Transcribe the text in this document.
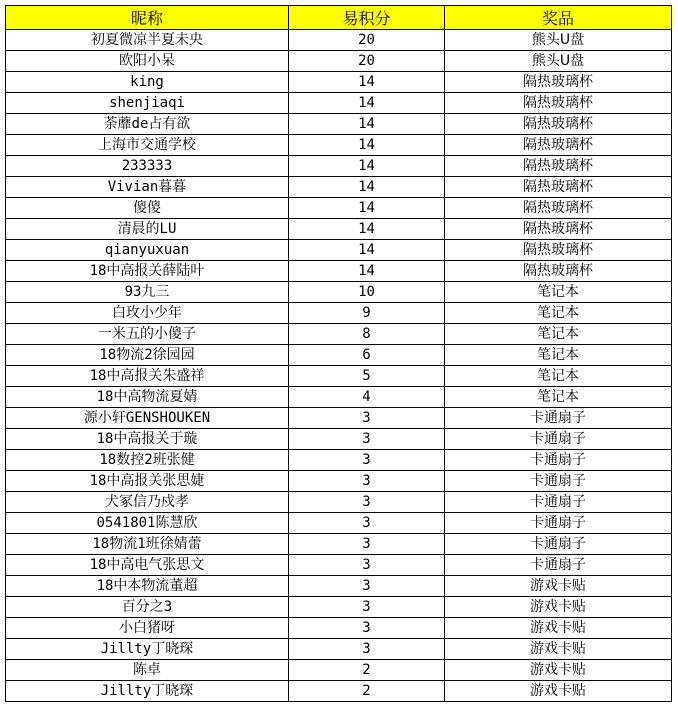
昵称	易积分	奖品
初夏微凉半夏未央	20	熊头U盘
欧阳小呆	20	熊头U盘
king	14	隔热玻璃杯
shenjiaqi	14	隔热玻璃杯
荼蘼de占有欲	14	隔热玻璃杯
上海市交通学校	14	隔热玻璃杯
233333	14	隔热玻璃杯
Vivian暮暮	14	隔热玻璃杯
傻傻	14	隔热玻璃杯
清晨的LU	14	隔热玻璃杯
qianyuxuan	14	隔热玻璃杯
18中高报关薛陆叶	14	隔热玻璃杯
93九三	10	笔记本
白玫小少年	9	笔记本
一米五的小傻子	8	笔记本
18物流2徐园园	6	笔记本
18中高报关朱盛祥	5	笔记本
18中高物流夏婧	4	笔记本
源小轩GENSHOUKEN	3	卡通扇子
18中高报关于璇	3	卡通扇子
18数控2班张健	3	卡通扇子
18中高报关张思婕	3	卡通扇子
犬冢信乃戍孝	3	卡通扇子
0541801陈慧欣	3	卡通扇子
18物流1班徐婧蕾	3	卡通扇子
18中高电气张思文	3	卡通扇子
18中本物流董超	3	游戏卡贴
百分之3	3	游戏卡贴
小白猪呀	3	游戏卡贴
Jillty丁晓琛	3	游戏卡贴
陈卓	2	游戏卡贴
Jillty丁晓琛	2	游戏卡贴
